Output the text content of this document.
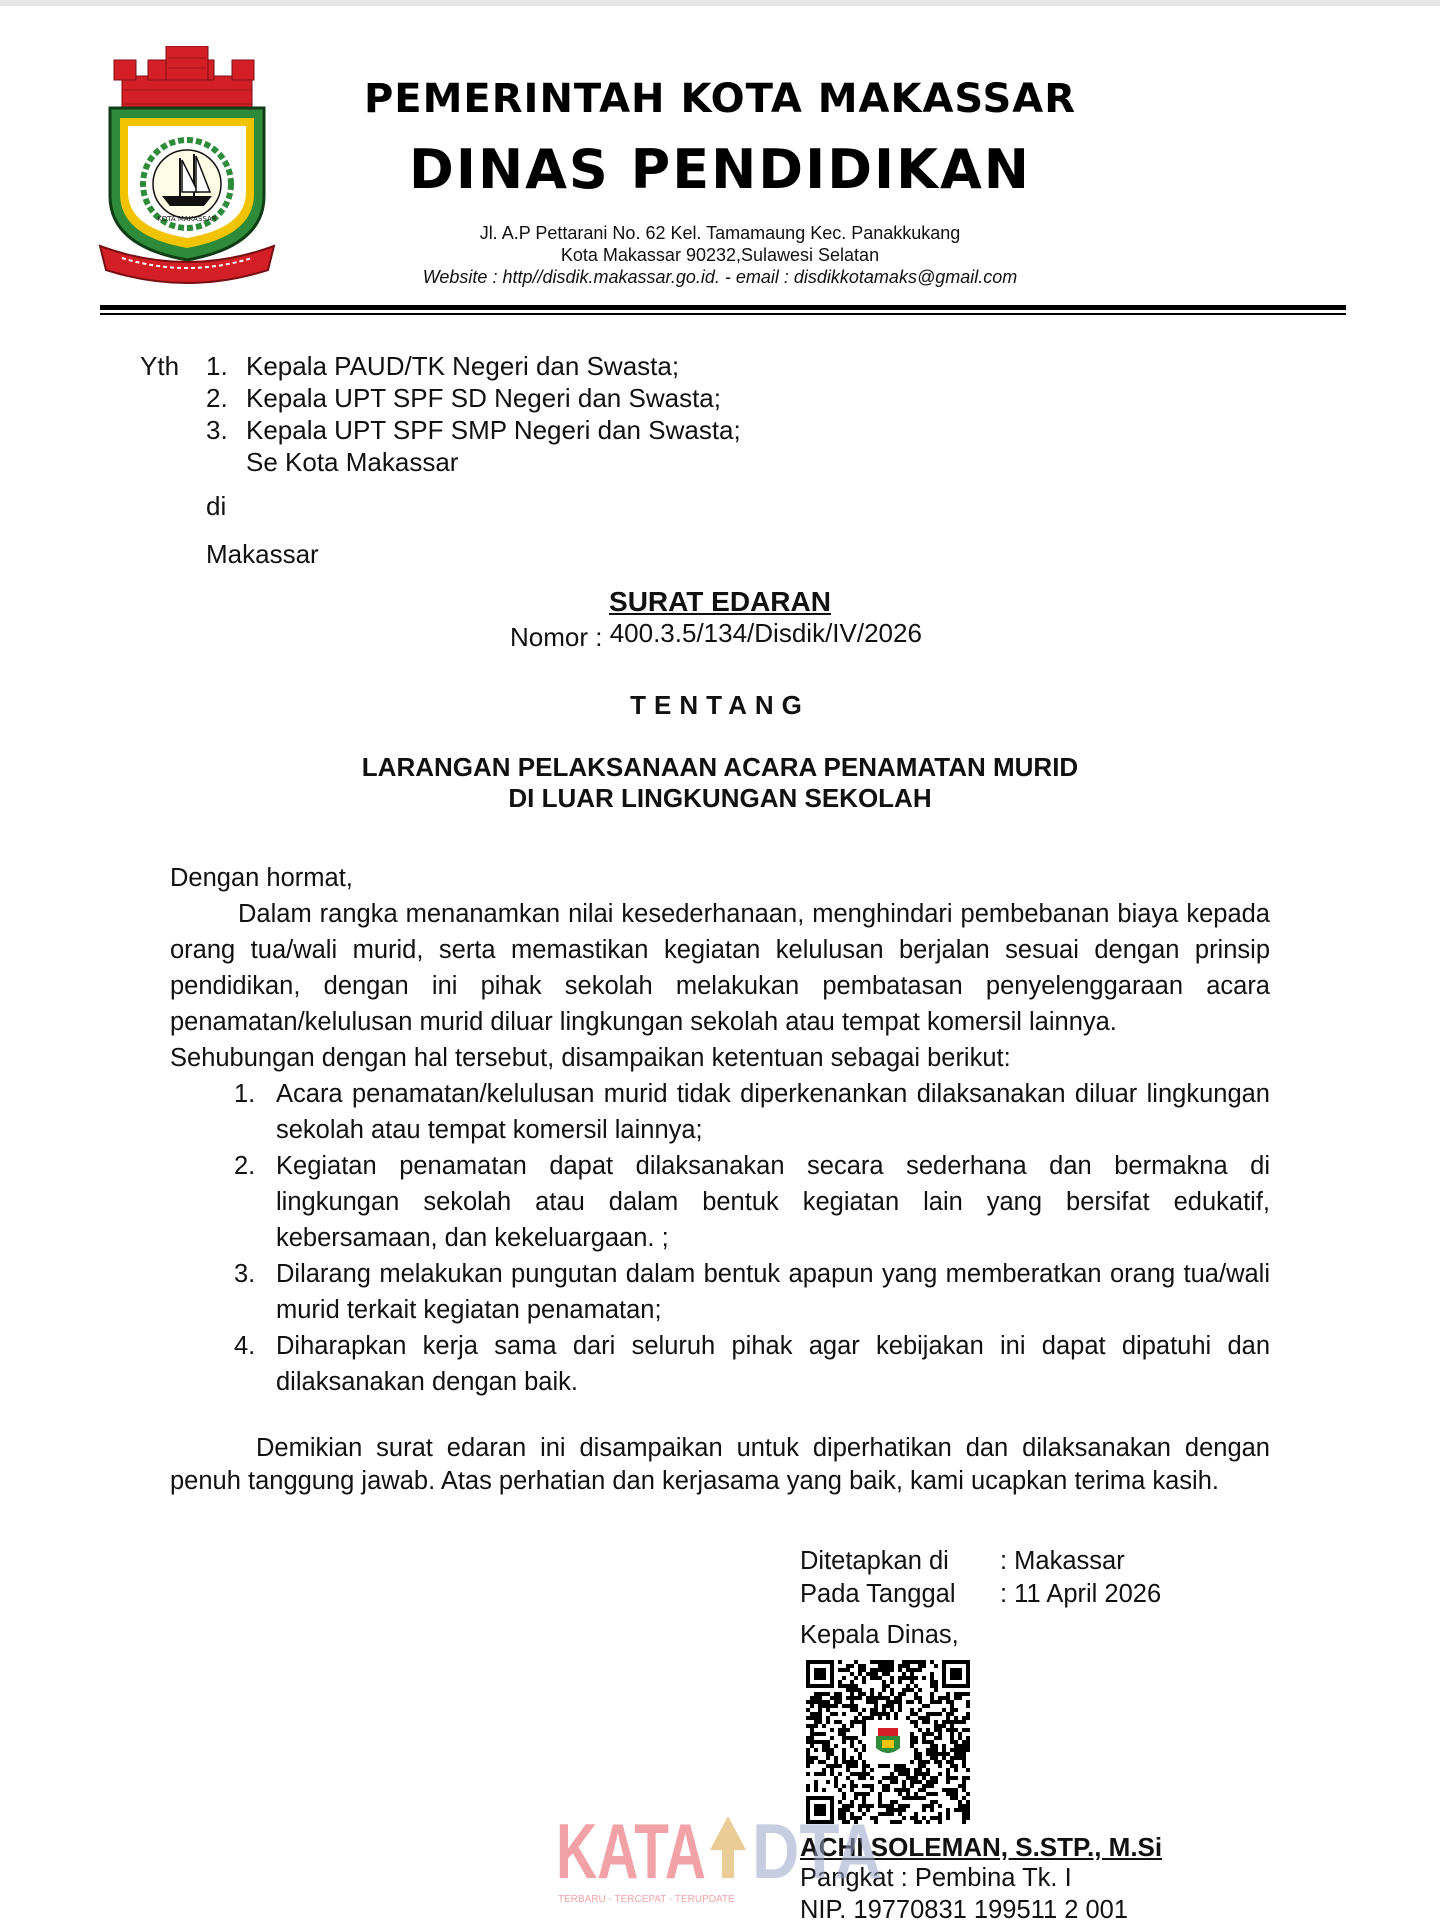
KOTA MAKASSAR
PEMERINTAH KOTA MAKASSAR
DINAS PENDIDIKAN
Jl. A.P Pettarani No. 62 Kel. Tamamaung Kec. Panakkukang
Kota Makassar 90232,Sulawesi Selatan
Website : http//disdik.makassar.go.id. - email : disdikkotamaks@gmail.com
Yth 1. Kepala PAUD/TK Negeri dan Swasta;
2. Kepala UPT SPF SD Negeri dan Swasta;
3. Kepala UPT SPF SMP Negeri dan Swasta;
Se Kota Makassar
di
Makassar
SURAT EDARAN
Nomor : 400.3.5/134/Disdik/IV/2026
TENTANG
LARANGAN PELAKSANAAN ACARA PENAMATAN MURID
DI LUAR LINGKUNGAN SEKOLAH
Dengan hormat,
Dalam rangka menanamkan nilai kesederhanaan, menghindari pembebanan biaya kepada orang tua/wali murid, serta memastikan kegiatan kelulusan berjalan sesuai dengan prinsip pendidikan, dengan ini pihak sekolah melakukan pembatasan penyelenggaraan acara penamatan/kelulusan murid diluar lingkungan sekolah atau tempat komersil lainnya.
Sehubungan dengan hal tersebut, disampaikan ketentuan sebagai berikut:
1. Acara penamatan/kelulusan murid tidak diperkenankan dilaksanakan diluar lingkungan sekolah atau tempat komersil lainnya;
2. Kegiatan penamatan dapat dilaksanakan secara sederhana dan bermakna di lingkungan sekolah atau dalam bentuk kegiatan lain yang bersifat edukatif, kebersamaan, dan kekeluargaan. ;
3. Dilarang melakukan pungutan dalam bentuk apapun yang memberatkan orang tua/wali murid terkait kegiatan penamatan;
4. Diharapkan kerja sama dari seluruh pihak agar kebijakan ini dapat dipatuhi dan dilaksanakan dengan baik.
Demikian surat edaran ini disampaikan untuk diperhatikan dan dilaksanakan dengan penuh tanggung jawab. Atas perhatian dan kerjasama yang baik, kami ucapkan terima kasih.
Ditetapkan di	: Makassar
Pada Tanggal	: 11 April 2026
Kepala Dinas,
ACHI SOLEMAN, S.STP., M.Si
Pangkat : Pembina Tk. I
NIP. 19770831 199511 2 001
KATA DTA
TERBARU - TERCEPAT - TERUPDATE
